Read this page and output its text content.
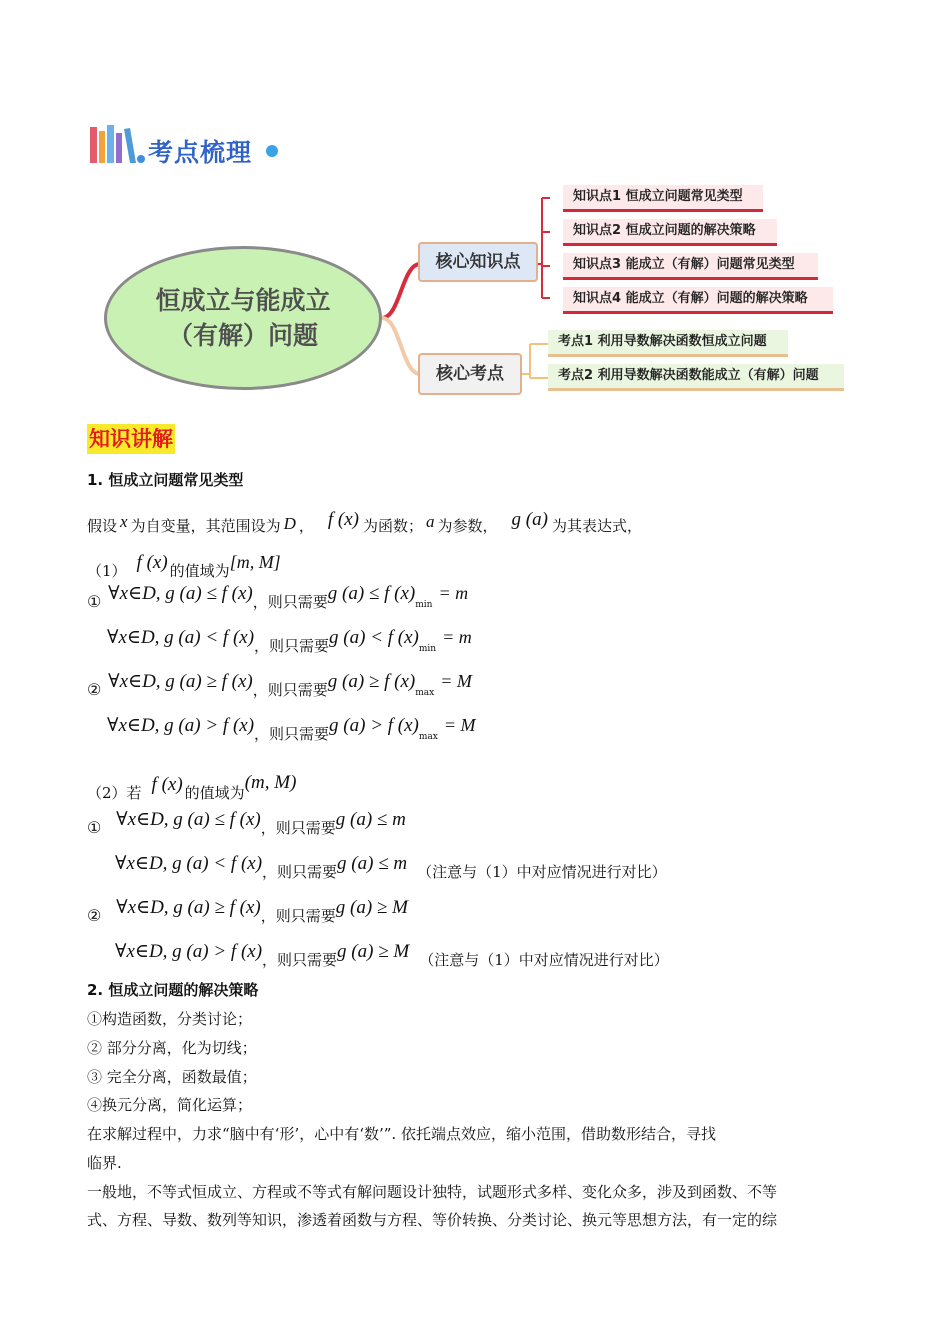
考点梳理
恒成立与能成立
（有解）问题
核心知识点
核心考点
知识点1 恒成立问题常见类型
知识点2 恒成立问题的解决策略
知识点3 能成立（有解）问题常见类型
知识点4 能成立（有解）问题的解决策略
考点1 利用导数解决函数恒成立问题
考点2 利用导数解决函数能成立（有解）问题
知识讲解
1. 恒成立问题常见类型
假设 x 为自变量，其范围设为 D ， f (x) 为函数； a 为参数， g (a) 为其表达式，
（1） f (x) 的值域为[m, M]
① ∀x∈D, g (a) ≤ f (x)，则只需要g (a) ≤ f (x)min= m
∀x∈D, g (a) < f (x)，则只需要g (a) < f (x)min= m
② ∀x∈D, g (a) ≥ f (x)，则只需要g (a) ≥ f (x)max= M
∀x∈D, g (a) > f (x)，则只需要g (a) > f (x)max= M
（2）若 f (x) 的值域为(m, M)
① ∀x∈D, g (a) ≤ f (x)，则只需要g (a) ≤ m
∀x∈D, g (a) < f (x)，则只需要g (a) ≤ m （注意与（1）中对应情况进行对比）
② ∀x∈D, g (a) ≥ f (x)，则只需要g (a) ≥ M
∀x∈D, g (a) > f (x)，则只需要g (a) ≥ M （注意与（1）中对应情况进行对比）
2. 恒成立问题的解决策略
①构造函数，分类讨论；
② 部分分离，化为切线；
③ 完全分离，函数最值；
④换元分离，简化运算；
在求解过程中，力求“脑中有‘形’，心中有‘数’”. 依托端点效应，缩小范围，借助数形结合，寻找
临界.
一般地，不等式恒成立、方程或不等式有解问题设计独特，试题形式多样、变化众多，涉及到函数、不等
式、方程、导数、数列等知识，渗透着函数与方程、等价转换、分类讨论、换元等思想方法，有一定的综
